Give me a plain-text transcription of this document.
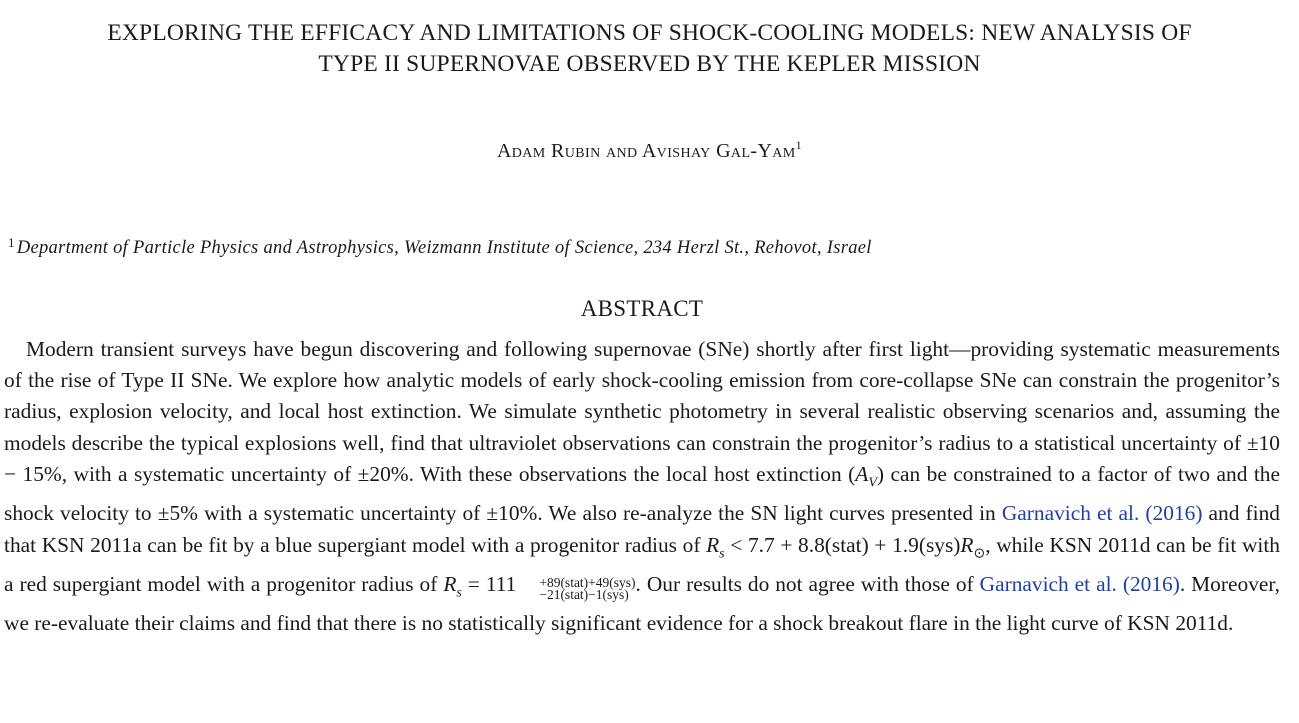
EXPLORING THE EFFICACY AND LIMITATIONS OF SHOCK-COOLING MODELS: NEW ANALYSIS OF
TYPE II SUPERNOVAE OBSERVED BY THE KEPLER MISSION
Adam Rubin and Avishay Gal-Yam$^1$
$^1$ Department of Particle Physics and Astrophysics, Weizmann Institute of Science, 234 Herzl St., Rehovot, Israel
ABSTRACT
Modern transient surveys have begun discovering and following supernovae (SNe) shortly after first light—providing systematic measurements of the rise of Type II SNe. We explore how analytic models of early shock-cooling emission from core-collapse SNe can constrain the progenitor’s radius, explosion velocity, and local host extinction. We simulate synthetic photometry in several realistic observing scenarios and, assuming the models describe the typical explosions well, find that ultraviolet observations can constrain the progenitor’s radius to a statistical uncertainty of ±10 − 15%, with a systematic uncertainty of ±20%. With these observations the local host extinction $(A_V)$ can be constrained to a factor of two and the shock velocity to ±5% with a systematic uncertainty of ±10%. We also re-analyze the SN light curves presented in Garnavich et al. (2016) and find that KSN 2011a can be fit by a blue supergiant model with a progenitor radius of $R_s < 7.7$ + 8.8(stat) + $1.9(sys)R_⊙$, while KSN 2011d can be fit with a red supergiant model with a progenitor radius of $R_s = 111$	+89(stat)+49(sys)
−21(stat)−1(sys) . Our results do not agree with those of Garnavich et al. (2016). Moreover, we re-evaluate their claims and find that there is no statistically significant evidence for a shock breakout flare in the light curve of KSN 2011d.
